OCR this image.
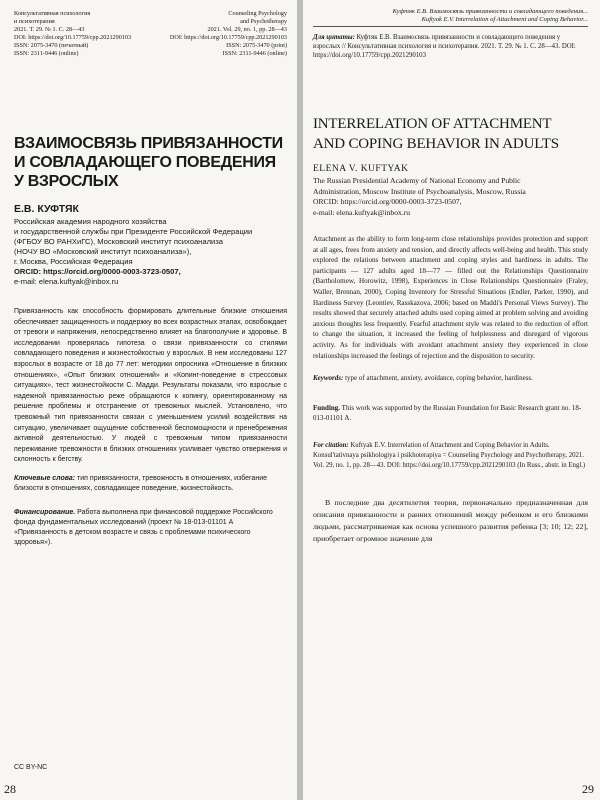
Консультативная психология
и психотерапия
2021. Т. 29. № 1. С. 28—43
DOI: https://doi.org/10.17759/cpp.2021290103
ISSN: 2075-3470 (печатный)
ISSN: 2311-9446 (online)
Counseling Psychology
and Psychotherapy
2021. Vol. 29, no. 1, pp. 28—43
DOI: https://doi.org/10.17759/cpp.2021290103
ISSN: 2075-3470 (print)
ISSN: 2311-9446 (online)
ВЗАИМОСВЯЗЬ ПРИВЯЗАННОСТИ
И СОВЛАДАЮЩЕГО ПОВЕДЕНИЯ
У ВЗРОСЛЫХ
Е.В. КУФТЯК
Российская академия народного хозяйства
и государственной службы при Президенте Российской Федерации
(ФГБОУ ВО РАНХиГС), Московский институт психоанализа
(НОЧУ ВО «Московский институт психоанализа»),
г. Москва, Российская Федерация
ORCID: https://orcid.org/0000-0003-3723-0507,
e-mail: elena.kuftyak@inbox.ru
Привязанность как способность формировать длительные близкие отношения обеспечивает защищенность и поддержку во всех возрастных этапах, освобождает от тревоги и напряжения, непосредственно влияет на благополучие и здоровье. В исследовании проверялась гипотеза о связи привязанности со стилями совладающего поведения и жизнестойкостью у взрослых. В нем исследованы 127 взрослых в возрасте от 18 до 77 лет: методики опросника «Отношение в близких отношениях», «Опыт близких отношений» и «Копинг-поведение в стрессовых ситуациях», тест жизнестойкости С. Мадди. Результаты показали, что взрослые с надежной привязанностью реже обращаются к копингу, ориентированному на решение проблемы и отстранение от тревожных мыслей. Установлено, что тревожный тип привязанности связан с уменьшением усилий воздействия на ситуацию, увеличивает ощущение собственной беспомощности и пренебрежения активной деятельностью. У людей с тревожным типом привязанности переживание тревожности в близких отношениях усиливает чувство отвержения и склонность к бегству.
Ключевые слова: тип привязанности, тревожность в отношениях, избегание близости в отношениях, совладающее поведение, жизнестойкость.
Финансирование. Работа выполнена при финансовой поддержке Российского фонда фундаментальных исследований (проект № 18-013-01101 А «Привязанность в детском возрасте и связь с проблемами психического здоровья»).
CC BY-NC
28
Куфтяк Е.В. Взаимосвязь привязанности и совладающего поведения...
Kuftyak E.V. Interrelation of Attachment and Coping Behavior...
Для цитаты: Куфтяк Е.В. Взаимосвязь привязанности и совладающего поведения у взрослых // Консультативная психология и психотерапия. 2021. Т. 29. № 1. С. 28—43. DOI: https://doi.org/10.17759/cpp.2021290103
INTERRELATION OF ATTACHMENT
AND COPING BEHAVIOR IN ADULTS
ELENA V. KUFTYAK
The Russian Presidential Academy of National Economy and Public
Administration, Moscow Institute of Psychoanalysis, Moscow, Russia
ORCID: https://orcid.org/0000-0003-3723-0507,
e-mail: elena.kuftyak@inbox.ru
Attachment as the ability to form long-term close relationships provides protection and support at all ages, frees from anxiety and tension, and directly affects well-being and health. This study explored the relations between attachment and coping styles and hardiness in adults. The participants — 127 adults aged 18—77 — filled out the Relationships Questionnaire (Bartholomew, Horowitz, 1998), Experiences in Close Relationships Questionnaire (Fraley, Waller, Brennan, 2000), Coping Inventory for Stressful Situations (Endler, Parker, 1990), and Hardiness Survey (Leontiev, Rasskazova, 2006; based on Maddi's Personal Views Survey). The results showed that securely attached adults used coping aimed at problem solving and avoiding anxious thoughts less frequently. Fearful attachment style was related to the reduction of effort to change the situation, it increased the feeling of helplessness and disregard of vigorous activity. As for individuals with avoidant attachment anxiety they experienced in close relationships increased the feelings of rejection and the disposition to security.
Keywords: type of attachment, anxiety, avoidance, coping behavior, hardiness.
Funding. This work was supported by the Russian Foundation for Basic Research grant no. 18-013-01101 A.
For citation: Kuftyak E.V. Interrelation of Attachment and Coping Behavior in Adults. Konsul'tativnaya psikhologiya i psikhoterapiya = Counseling Psychology and Psychotherapy, 2021. Vol. 29, no. 1, pp. 28—43. DOI: https://doi.org/10.17759/cpp.2021290103 (In Russ., abstr. in Engl.)
В последние два десятилетия теория, первоначально предназначенная для описания привязанности и ранних отношений между ребенком и его близкими людьми, рассматриваемая как основа успешного развития ребенка [3; 10; 12; 22], приобретает огромное значение для
29
